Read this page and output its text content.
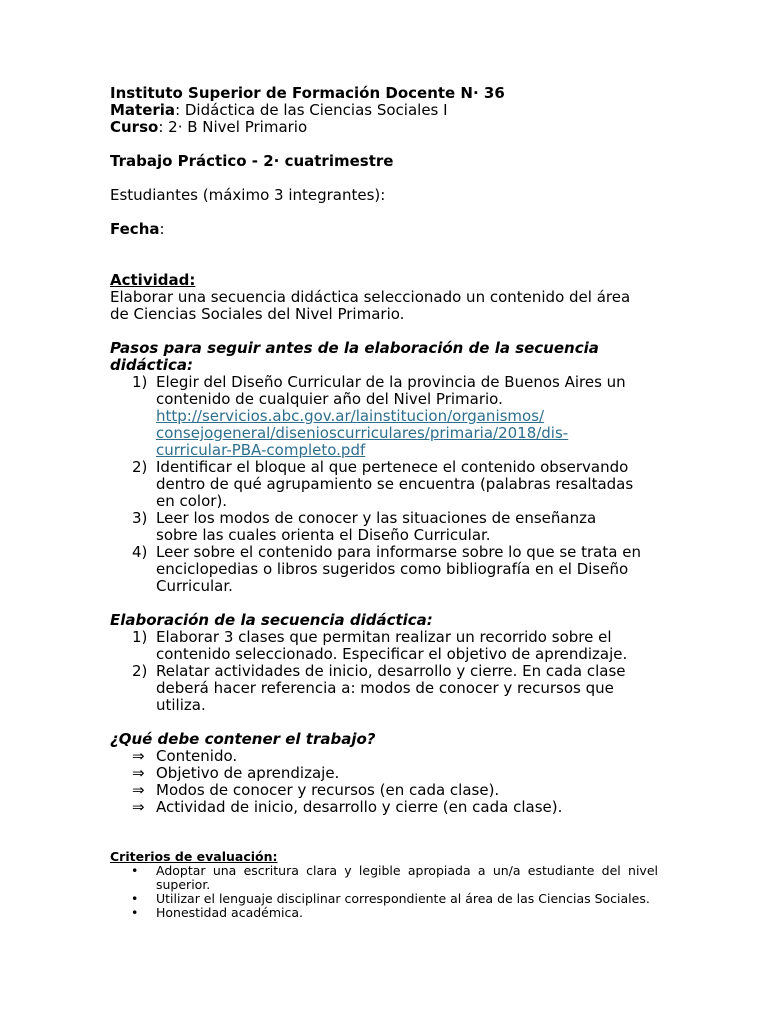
Instituto Superior de Formación Docente N· 36
Materia: Didáctica de las Ciencias Sociales I
Curso: 2· B Nivel Primario
Trabajo Práctico - 2· cuatrimestre
Estudiantes (máximo 3 integrantes):
Fecha:
Actividad:
Elaborar una secuencia didáctica seleccionado un contenido del área
de Ciencias Sociales del Nivel Primario.
Pasos para seguir antes de la elaboración de la secuencia
didáctica:
1) Elegir del Diseño Curricular de la provincia de Buenos Aires un
contenido de cualquier año del Nivel Primario.
http://servicios.abc.gov.ar/lainstitucion/organismos/
consejogeneral/disenioscurriculares/primaria/2018/dis-
curricular-PBA-completo.pdf
2) Identificar el bloque al que pertenece el contenido observando
dentro de qué agrupamiento se encuentra (palabras resaltadas
en color).
3) Leer los modos de conocer y las situaciones de enseñanza
sobre las cuales orienta el Diseño Curricular.
4) Leer sobre el contenido para informarse sobre lo que se trata en
enciclopedias o libros sugeridos como bibliografía en el Diseño
Curricular.
Elaboración de la secuencia didáctica:
1) Elaborar 3 clases que permitan realizar un recorrido sobre el
contenido seleccionado. Especificar el objetivo de aprendizaje.
2) Relatar actividades de inicio, desarrollo y cierre. En cada clase
deberá hacer referencia a: modos de conocer y recursos que
utiliza.
¿Qué debe contener el trabajo?
⇒ Contenido.
⇒ Objetivo de aprendizaje.
⇒ Modos de conocer y recursos (en cada clase).
⇒ Actividad de inicio, desarrollo y cierre (en cada clase).
Criterios de evaluación:
• Adoptar una escritura clara y legible apropiada a un/a estudiante del nivel superior.
• Utilizar el lenguaje disciplinar correspondiente al área de las Ciencias Sociales.
• Honestidad académica.
